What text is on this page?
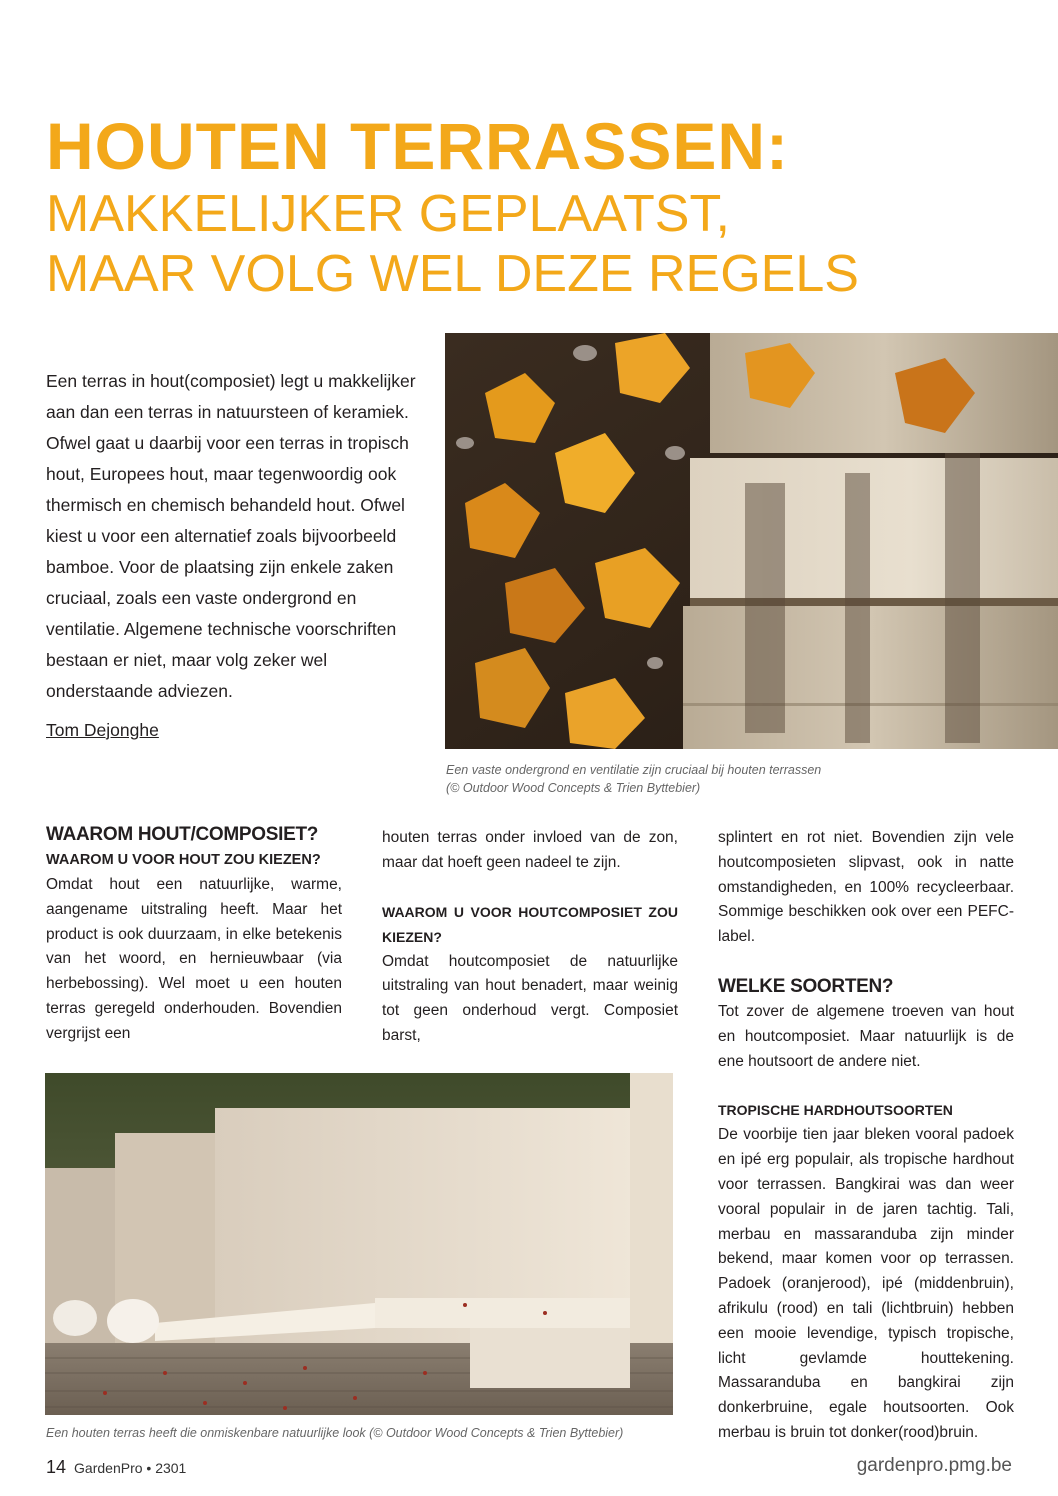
HOUTEN TERRASSEN:
MAKKELIJKER GEPLAATST,
MAAR VOLG WEL DEZE REGELS
Een terras in hout(composiet) legt u makkelijker aan dan een terras in natuursteen of keramiek. Ofwel gaat u daarbij voor een terras in tropisch hout, Europees hout, maar tegenwoordig ook thermisch en chemisch behandeld hout. Ofwel kiest u voor een alternatief zoals bijvoorbeeld bamboe. Voor de plaatsing zijn enkele zaken cruciaal, zoals een vaste ondergrond en ventilatie. Algemene technische voorschriften bestaan er niet, maar volg zeker wel onderstaande adviezen.
Tom Dejonghe
Een vaste ondergrond en ventilatie zijn cruciaal bij houten terrassen
(© Outdoor Wood Concepts & Trien Byttebier)
WAAROM HOUT/COMPOSIET?
WAAROM U VOOR HOUT ZOU KIEZEN?
Omdat hout een natuurlijke, warme, aangename uitstraling heeft. Maar het product is ook duurzaam, in elke betekenis van het woord, en hernieuwbaar (via herbebossing). Wel moet u een houten terras geregeld onderhouden. Bovendien vergrijst een
houten terras onder invloed van de zon, maar dat hoeft geen nadeel te zijn.
WAAROM U VOOR HOUTCOMPOSIET ZOU KIEZEN?
Omdat houtcomposiet de natuurlijke uitstraling van hout benadert, maar weinig tot geen onderhoud vergt. Composiet barst,
splintert en rot niet. Bovendien zijn vele houtcomposieten slipvast, ook in natte omstandigheden, en 100% recycleerbaar. Sommige beschikken ook over een PEFC-label.
WELKE SOORTEN?
Tot zover de algemene troeven van hout en houtcomposiet. Maar natuurlijk is de ene houtsoort de andere niet.
TROPISCHE HARDHOUTSOORTEN
De voorbije tien jaar bleken vooral padoek en ipé erg populair, als tropische hardhout voor terrassen. Bangkirai was dan weer vooral populair in de jaren tachtig. Tali, merbau en massaranduba zijn minder bekend, maar komen voor op terrassen. Padoek (oranjerood), ipé (middenbruin), afrikulu (rood) en tali (lichtbruin) hebben een mooie levendige, typisch tropische, licht gevlamde houttekening. Massaranduba en bangkirai zijn donkerbruine, egale houtsoorten. Ook merbau is bruin tot donker(rood)bruin.
Een houten terras heeft die onmiskenbare natuurlijke look (© Outdoor Wood Concepts & Trien Byttebier)
14 GardenPro • 2301	gardenpro.pmg.be
